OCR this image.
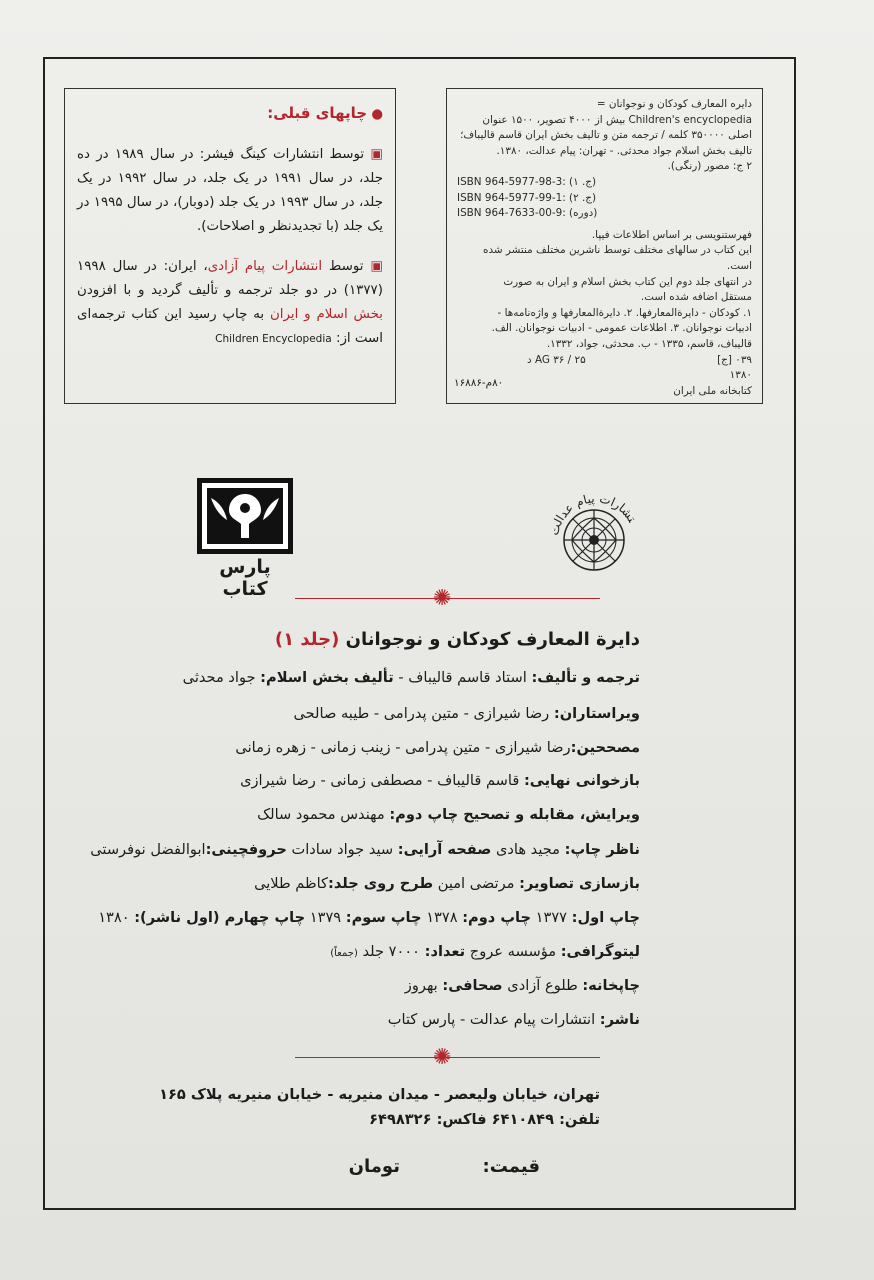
دایره المعارف کودکان و نوجوانان =
Children's encyclopedia بیش از ۴۰۰۰ تصویر، ۱۵۰۰ عنوان
اصلی ۳۵۰۰۰۰ کلمه / ترجمه متن و تالیف بخش ایران قاسم قالیباف؛
تالیف بخش اسلام جواد محدثی. - تهران: پیام عدالت، ۱۳۸۰.
۲ ج: مصور (رنگی).
ISBN 964-5977-98-3: (ج. ۱)
ISBN 964-5977-99-1: (ج. ۲)
ISBN 964-7633-00-9: (دوره)
فهرستنویسی بر اساس اطلاعات فیپا.
این کتاب در سالهای مختلف توسط ناشرین مختلف منتشر شده
است.
در انتهای جلد دوم این کتاب بخش اسلام و ایران به صورت
مستقل اضافه شده است.
۱. کودکان - دایرةالمعارفها. ۲. دایرةالمعارفها و واژه‌نامه‌ها -
ادبیات نوجوانان. ۳. اطلاعات عمومی - ادبیات نوجوانان. الف.
قالیباف، قاسم، ۱۳۳۵ - ب. محدثی، جواد، ۱۳۳۲.
۰۳۹ [ج]
AG ۳۶ / ۲۵ د
۱۳۸۰
کتابخانه ملی ایران
۸۰م-۱۶۸۸۶
● چاپهای قبلی:
▣ توسط انتشارات کینگ فیشر: در سال ۱۹۸۹ در ده جلد، در سال ۱۹۹۱ در یک جلد، در سال ۱۹۹۲ در یک جلد، در سال ۱۹۹۳ در یک جلد (دوبار)، در سال ۱۹۹۵ در یک جلد (با تجدیدنظر و اصلاحات).
▣ توسط انتشارات پیام آزادی، ایران: در سال ۱۹۹۸ (۱۳۷۷) در دو جلد ترجمه و تألیف گردید و با افزودن بخش اسلام و ایران به چاپ رسید این کتاب ترجمه‌ای است از: Children Encyclopedia
پارس کتاب
تشارات پیام عدالت
✺
دایرة المعارف کودکان و نوجوانان (جلد ۱)
ترجمه و تألیف: استاد قاسم قالیباف - تألیف بخش اسلام: جواد محدثی
ویراستاران: رضا شیرازی - متین پدرامی - طیبه صالحی
مصححین:رضا شیرازی - متین پدرامی - زینب زمانی - زهره زمانی
بازخوانی نهایی: قاسم قالیباف - مصطفی زمانی - رضا شیرازی
ویرایش، مقابله و تصحیح چاپ دوم: مهندس محمود سالک
ناظر چاپ: مجید هادی صفحه آرایی: سید جواد سادات حروفچینی:ابوالفضل نوفرستی
بازسازی تصاویر: مرتضی امین طرح روی جلد:کاظم طلایی
چاپ اول: ۱۳۷۷ چاپ دوم: ۱۳۷۸ چاپ سوم: ۱۳۷۹ چاپ چهارم (اول ناشر): ۱۳۸۰
لیتوگرافی: مؤسسه عروج تعداد: ۷۰۰۰ جلد (جمعاً)
چاپخانه: طلوع آزادی صحافی: بهروز
ناشر: انتشارات پیام عدالت - پارس کتاب
✺
تهران، خیابان ولیعصر - میدان منیریه - خیابان منیریه پلاک ۱۶۵
تلفن: ۶۴۱۰۸۴۹ فاکس: ۶۴۹۸۳۲۶
قیمت:  تومان
